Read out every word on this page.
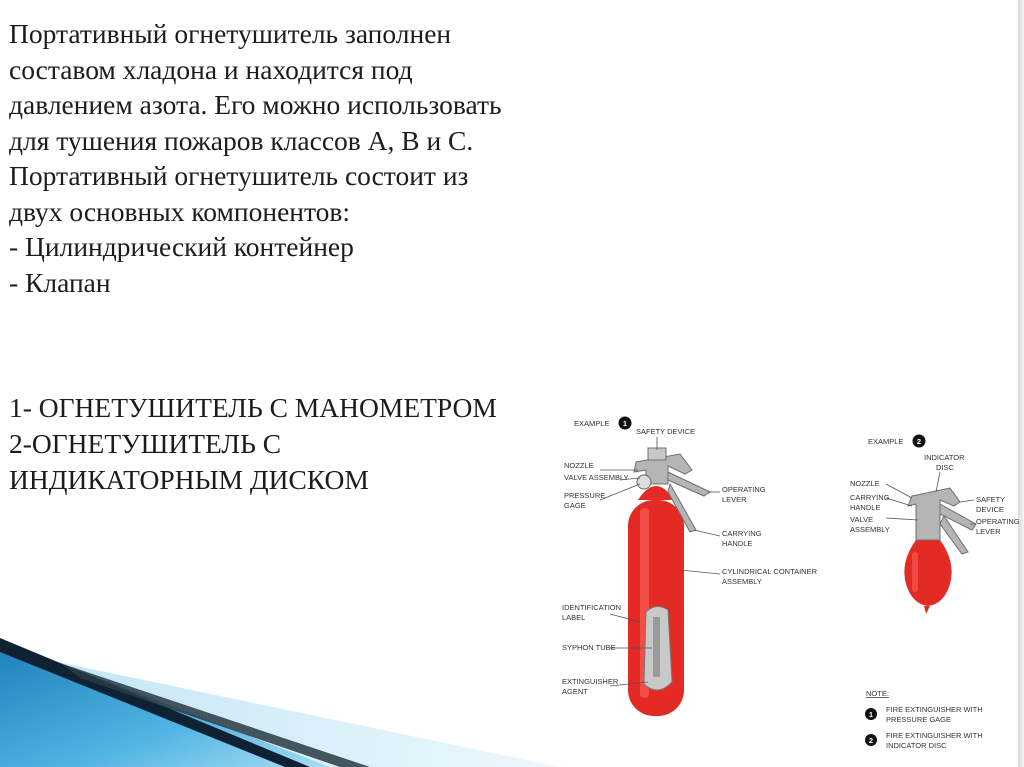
Портативный огнетушитель заполнен
составом хладона и находится под
давлением азота. Его можно использовать
для тушения пожаров классов А, В и С.
Портативный огнетушитель состоит из
двух основных компонентов:
- Цилиндрический контейнер
- Клапан
1- ОГНЕТУШИТЕЛЬ С МАНОМЕТРОМ
2-ОГНЕТУШИТЕЛЬ С
ИНДИКАТОРНЫМ ДИСКОМ
EXAMPLE 1
SAFETY DEVICE
NOZZLE
VALVE ASSEMBLY
PRESSURE
GAGE
OPERATING
LEVER
CARRYING
HANDLE
CYLINDRICAL CONTAINER
ASSEMBLY
IDENTIFICATION
LABEL
SYPHON TUBE
EXTINGUISHER
AGENT
EXAMPLE 2
INDICATOR
DISC
NOZZLE
CARRYING
HANDLE
VALVE
ASSEMBLY
SAFETY
DEVICE
OPERATING
LEVER
NOTE:
1
FIRE EXTINGUISHER WITH
PRESSURE GAGE
2
FIRE EXTINGUISHER WITH
INDICATOR DISC
